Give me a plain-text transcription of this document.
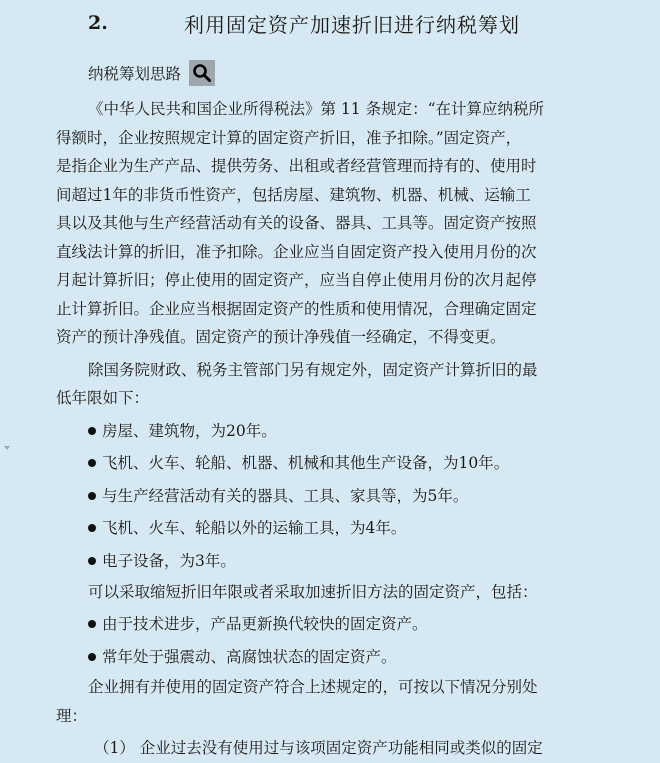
2.	利用固定资产加速折旧进行纳税筹划
纳税筹划思路
《中华人民共和国企业所得税法》第 11 条规定：“在计算应纳税所
得额时，企业按照规定计算的固定资产折旧，准予扣除。”固定资产，
是指企业为生产产品、提供劳务、出租或者经营管理而持有的、使用时
间超过1年的非货币性资产，包括房屋、建筑物、机器、机械、运输工
具以及其他与生产经营活动有关的设备、器具、工具等。固定资产按照
直线法计算的折旧，准予扣除。企业应当自固定资产投入使用月份的次
月起计算折旧；停止使用的固定资产，应当自停止使用月份的次月起停
止计算折旧。企业应当根据固定资产的性质和使用情况，合理确定固定
资产的预计净残值。固定资产的预计净残值一经确定，不得变更。
除国务院财政、税务主管部门另有规定外，固定资产计算折旧的最
低年限如下：
房屋、建筑物，为20年。
飞机、火车、轮船、机器、机械和其他生产设备，为10年。
与生产经营活动有关的器具、工具、家具等，为5年。
飞机、火车、轮船以外的运输工具，为4年。
电子设备，为3年。
可以采取缩短折旧年限或者采取加速折旧方法的固定资产，包括：
由于技术进步，产品更新换代较快的固定资产。
常年处于强震动、高腐蚀状态的固定资产。
企业拥有并使用的固定资产符合上述规定的，可按以下情况分别处
理：
（1） 企业过去没有使用过与该项固定资产功能相同或类似的固定
